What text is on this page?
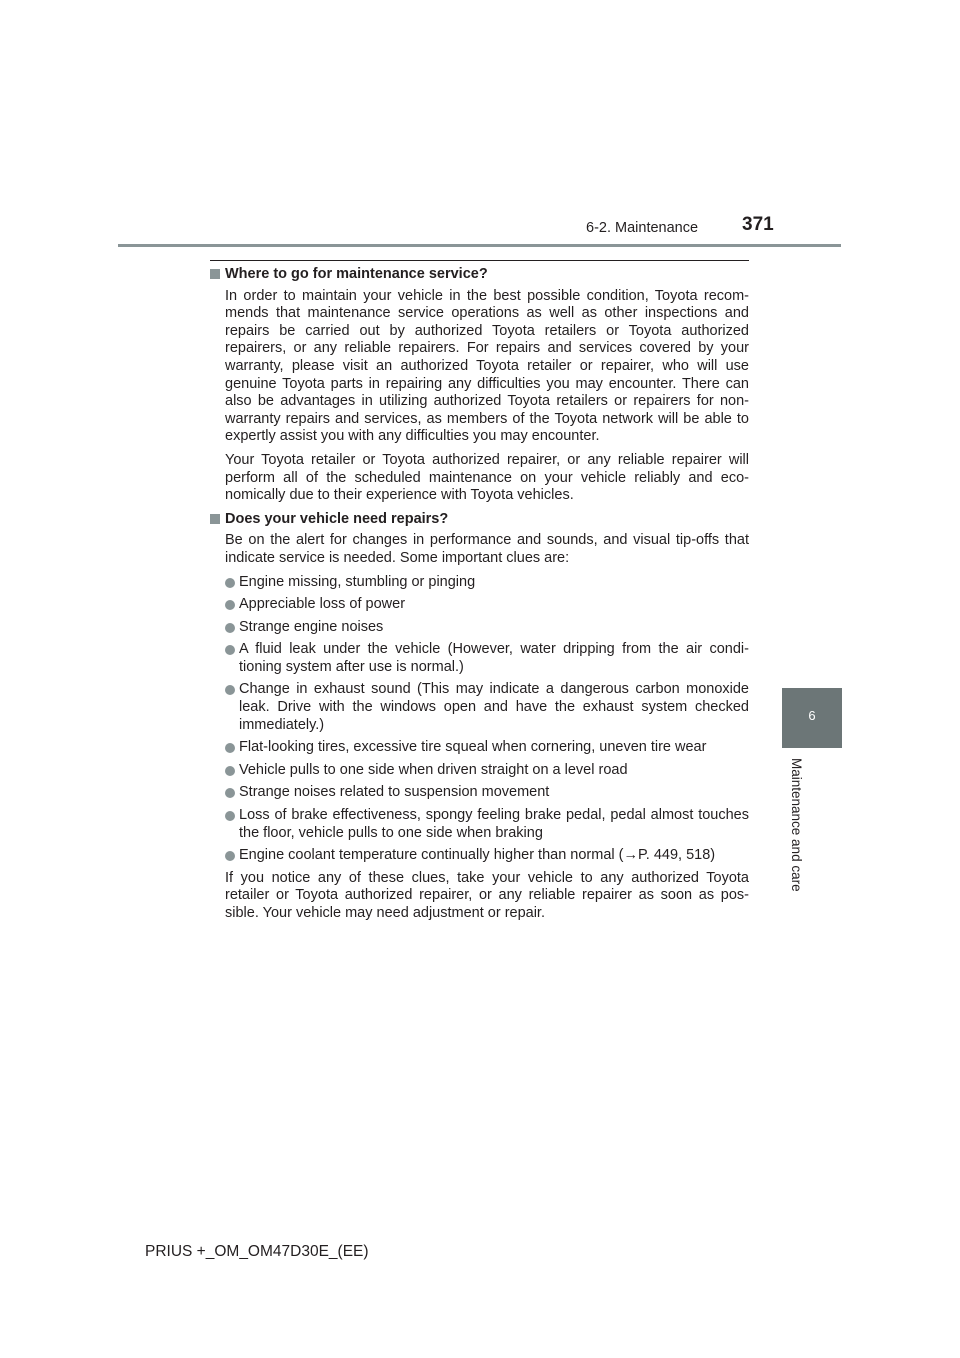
6-2. Maintenance 371
6
Maintenance and care
Where to go for maintenance service?
In order to maintain your vehicle in the best possible condition, Toyota recom-mends that maintenance service operations as well as other inspections and repairs be carried out by authorized Toyota retailers or Toyota authorized repairers, or any reliable repairers. For repairs and services covered by your warranty, please visit an authorized Toyota retailer or repairer, who will use genuine Toyota parts in repairing any difficulties you may encounter. There can also be advantages in utilizing authorized Toyota retailers or repairers for non-warranty repairs and services, as members of the Toyota network will be able to expertly assist you with any difficulties you may encounter.
Your Toyota retailer or Toyota authorized repairer, or any reliable repairer will perform all of the scheduled maintenance on your vehicle reliably and eco-nomically due to their experience with Toyota vehicles.
Does your vehicle need repairs?
Be on the alert for changes in performance and sounds, and visual tip-offs that indicate service is needed. Some important clues are:
Engine missing, stumbling or pinging
Appreciable loss of power
Strange engine noises
A fluid leak under the vehicle (However, water dripping from the air condi-tioning system after use is normal.)
Change in exhaust sound (This may indicate a dangerous carbon monoxide leak. Drive with the windows open and have the exhaust system checked immediately.)
Flat-looking tires, excessive tire squeal when cornering, uneven tire wear
Vehicle pulls to one side when driven straight on a level road
Strange noises related to suspension movement
Loss of brake effectiveness, spongy feeling brake pedal, pedal almost touches the floor, vehicle pulls to one side when braking
Engine coolant temperature continually higher than normal (→P. 449, 518)
If you notice any of these clues, take your vehicle to any authorized Toyota retailer or Toyota authorized repairer, or any reliable repairer as soon as pos-sible. Your vehicle may need adjustment or repair.
PRIUS +_OM_OM47D30E_(EE)
